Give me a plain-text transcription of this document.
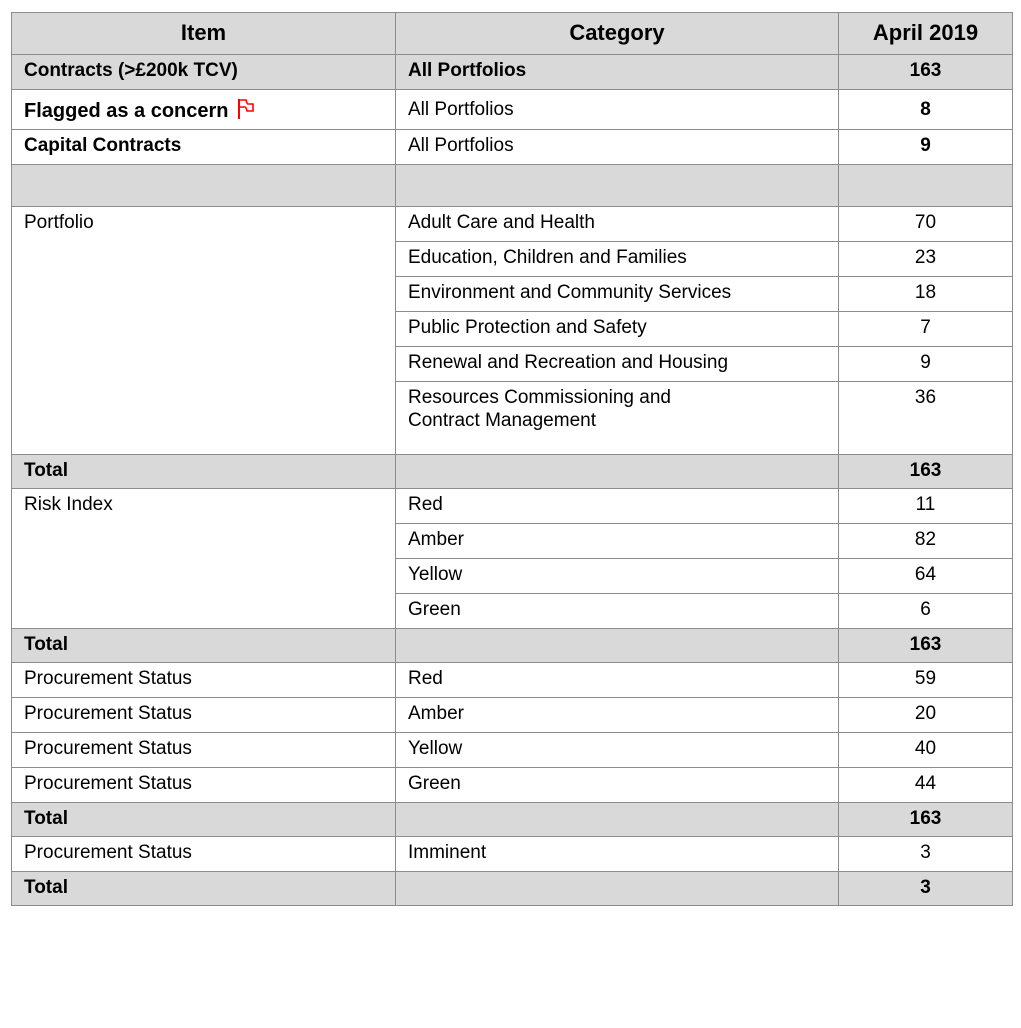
Item	Category	April 2019
Contracts (>£200k TCV)	All Portfolios	163
Flagged as a concern	All Portfolios	8
Capital Contracts	All Portfolios	9

Portfolio	Adult Care and Health	70
	Education, Children and Families	23
	Environment and Community Services	18
	Public Protection and Safety	7
	Renewal and Recreation and Housing	9
	Resources Commissioning and Contract Management	36
Total		163
Risk Index	Red	11
	Amber	82
	Yellow	64
	Green	6
Total		163
Procurement Status	Red	59
Procurement Status	Amber	20
Procurement Status	Yellow	40
Procurement Status	Green	44
Total		163
Procurement Status	Imminent	3
Total		3
